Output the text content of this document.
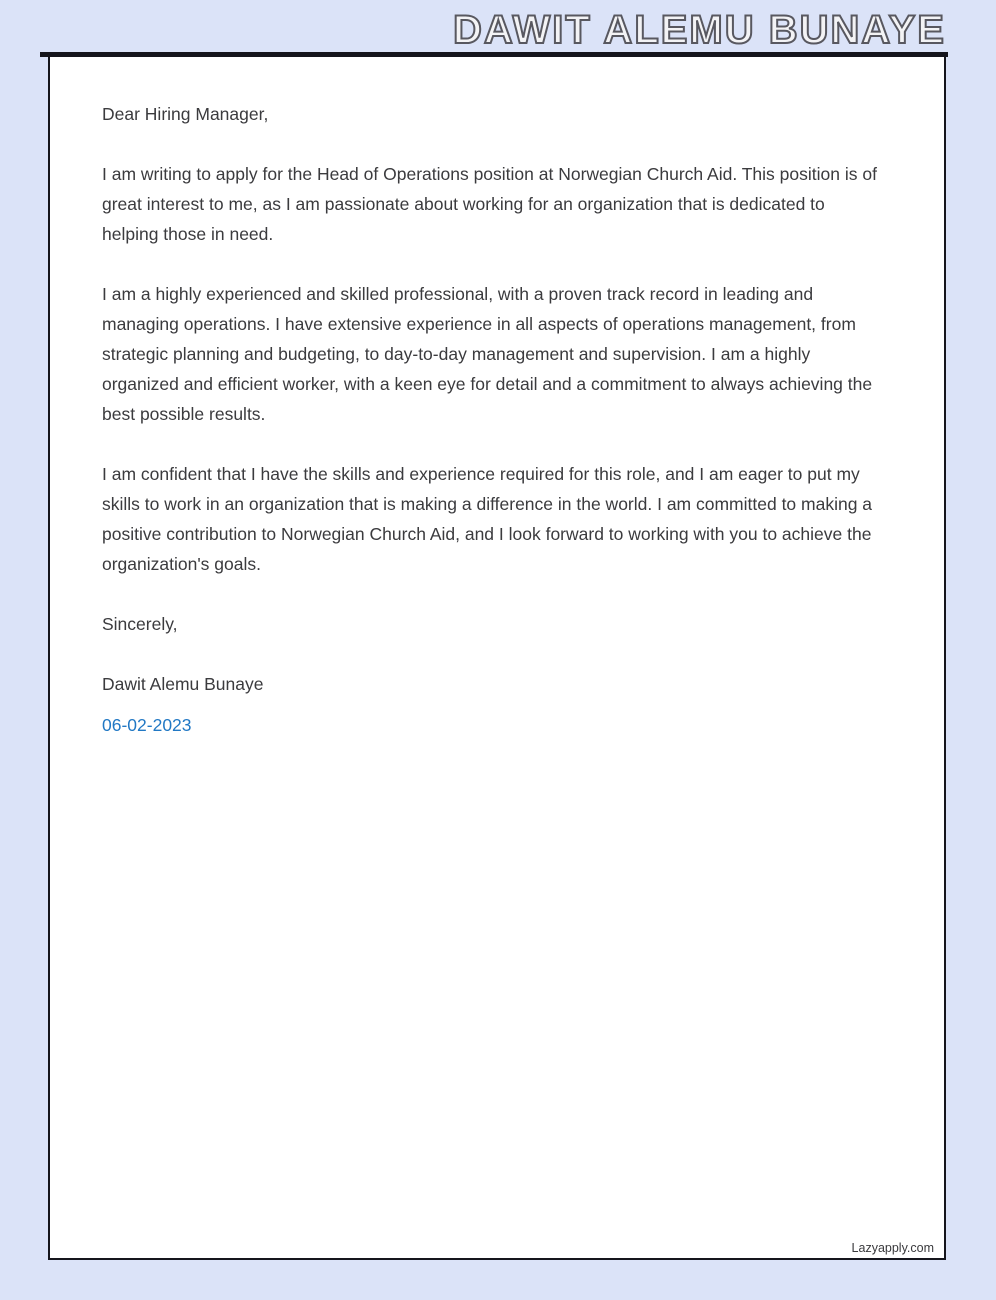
DAWIT ALEMU BUNAYE

Dear Hiring Manager,

I am writing to apply for the Head of Operations position at Norwegian Church Aid. This position is of great interest to me, as I am passionate about working for an organization that is dedicated to helping those in need.

I am a highly experienced and skilled professional, with a proven track record in leading and managing operations. I have extensive experience in all aspects of operations management, from strategic planning and budgeting, to day-to-day management and supervision. I am a highly organized and efficient worker, with a keen eye for detail and a commitment to always achieving the best possible results.

I am confident that I have the skills and experience required for this role, and I am eager to put my skills to work in an organization that is making a difference in the world. I am committed to making a positive contribution to Norwegian Church Aid, and I look forward to working with you to achieve the organization's goals.

Sincerely,

Dawit Alemu Bunaye

06-02-2023

Lazyapply.com
